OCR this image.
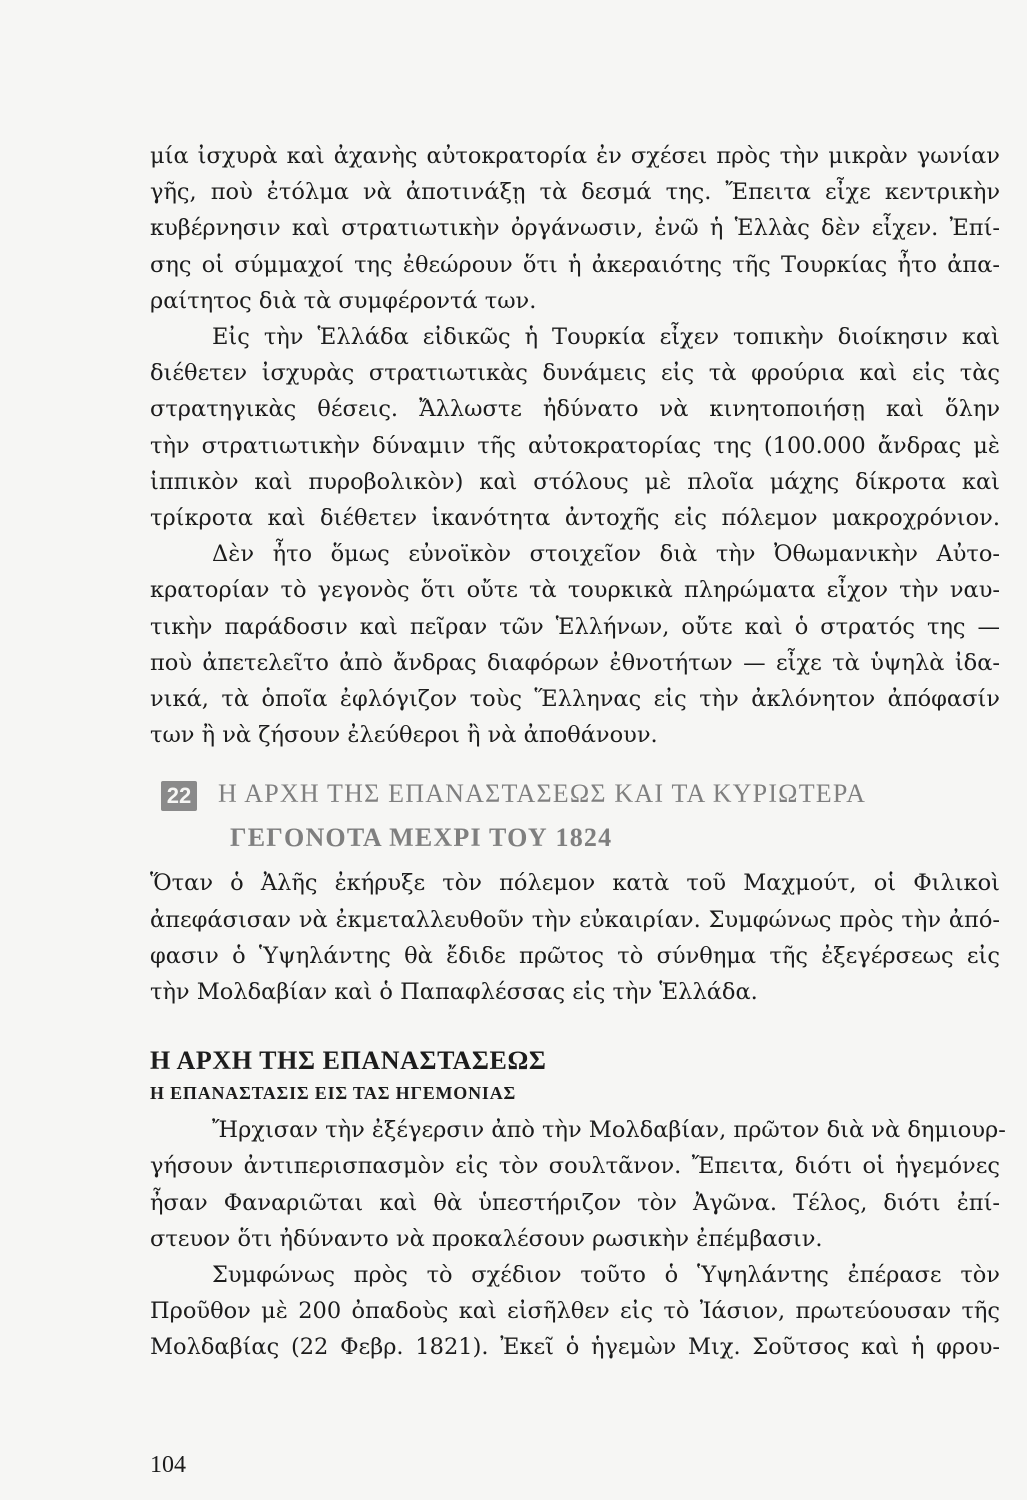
μία ἰσχυρὰ καὶ ἀχανὴς αὐτοκρατορία ἐν σχέσει πρὸς τὴν μικρὰν γωνίαν
γῆς, ποὺ ἐτόλμα νὰ ἀποτινάξῃ τὰ δεσμά της. Ἔπειτα εἶχε κεντρικὴν
κυβέρνησιν καὶ στρατιωτικὴν ὀργάνωσιν, ἐνῶ ἡ Ἑλλὰς δὲν εἶχεν. Ἐπί-
σης οἱ σύμμαχοί της ἐθεώρουν ὅτι ἡ ἀκεραιότης τῆς Τουρκίας ἦτο ἀπα-
ραίτητος διὰ τὰ συμφέροντά των.

Εἰς τὴν Ἑλλάδα εἰδικῶς ἡ Τουρκία εἶχεν τοπικὴν διοίκησιν καὶ
διέθετεν ἰσχυρὰς στρατιωτικὰς δυνάμεις εἰς τὰ φρούρια καὶ εἰς τὰς
στρατηγικὰς θέσεις. Ἄλλωστε ἠδύνατο νὰ κινητοποιήσῃ καὶ ὅλην
τὴν στρατιωτικὴν δύναμιν τῆς αὐτοκρατορίας της (100.000 ἄνδρας μὲ
ἱππικὸν καὶ πυροβολικὸν) καὶ στόλους μὲ πλοῖα μάχης δίκροτα καὶ
τρίκροτα καὶ διέθετεν ἱκανότητα ἀντοχῆς εἰς πόλεμον μακροχρόνιον.

Δὲν ἦτο ὅμως εὐνοϊκὸν στοιχεῖον διὰ τὴν Ὀθωμανικὴν Αὐτο-
κρατορίαν τὸ γεγονὸς ὅτι οὔτε τὰ τουρκικὰ πληρώματα εἶχον τὴν ναυ-
τικὴν παράδοσιν καὶ πεῖραν τῶν Ἑλλήνων, οὔτε καὶ ὁ στρατός της —
ποὺ ἀπετελεῖτο ἀπὸ ἄνδρας διαφόρων ἐθνοτήτων — εἶχε τὰ ὑψηλὰ ἰδα-
νικά, τὰ ὁποῖα ἐφλόγιζον τοὺς Ἕλληνας εἰς τὴν ἀκλόνητον ἀπόφασίν
των ἢ νὰ ζήσουν ἐλεύθεροι ἢ νὰ ἀποθάνουν.

22 Η ΑΡΧΗ ΤΗΣ ΕΠΑΝΑΣΤΑΣΕΩΣ ΚΑΙ ΤΑ ΚΥΡΙΩΤΕΡΑ
ΓΕΓΟΝΟΤΑ ΜΕΧΡΙ ΤΟΥ 1824

Ὅταν ὁ Ἀλῆς ἐκήρυξε τὸν πόλεμον κατὰ τοῦ Μαχμούτ, οἱ Φιλικοὶ
ἀπεφάσισαν νὰ ἐκμεταλλευθοῦν τὴν εὐκαιρίαν. Συμφώνως πρὸς τὴν ἀπό-
φασιν ὁ Ὑψηλάντης θὰ ἔδιδε πρῶτος τὸ σύνθημα τῆς ἐξεγέρσεως εἰς
τὴν Μολδαβίαν καὶ ὁ Παπαφλέσσας εἰς τὴν Ἑλλάδα.

Η ΑΡΧΗ ΤΗΣ ΕΠΑΝΑΣΤΑΣΕΩΣ
Η ΕΠΑΝΑΣΤΑΣΙΣ ΕΙΣ ΤΑΣ ΗΓΕΜΟΝΙΑΣ

Ἤρχισαν τὴν ἐξέγερσιν ἀπὸ τὴν Μολδαβίαν, πρῶτον διὰ νὰ δημιουρ-
γήσουν ἀντιπερισπασμὸν εἰς τὸν σουλτᾶνον. Ἔπειτα, διότι οἱ ἡγεμόνες
ἦσαν Φαναριῶται καὶ θὰ ὑπεστήριζον τὸν Ἀγῶνα. Τέλος, διότι ἐπί-
στευον ὅτι ἠδύναντο νὰ προκαλέσουν ρωσικὴν ἐπέμβασιν.

Συμφώνως πρὸς τὸ σχέδιον τοῦτο ὁ Ὑψηλάντης ἐπέρασε τὸν
Προῦθον μὲ 200 ὀπαδοὺς καὶ εἰσῆλθεν εἰς τὸ Ἰάσιον, πρωτεύουσαν τῆς
Μολδαβίας (22 Φεβρ. 1821). Ἐκεῖ ὁ ἡγεμὼν Μιχ. Σοῦτσος καὶ ἡ φρου-

104
